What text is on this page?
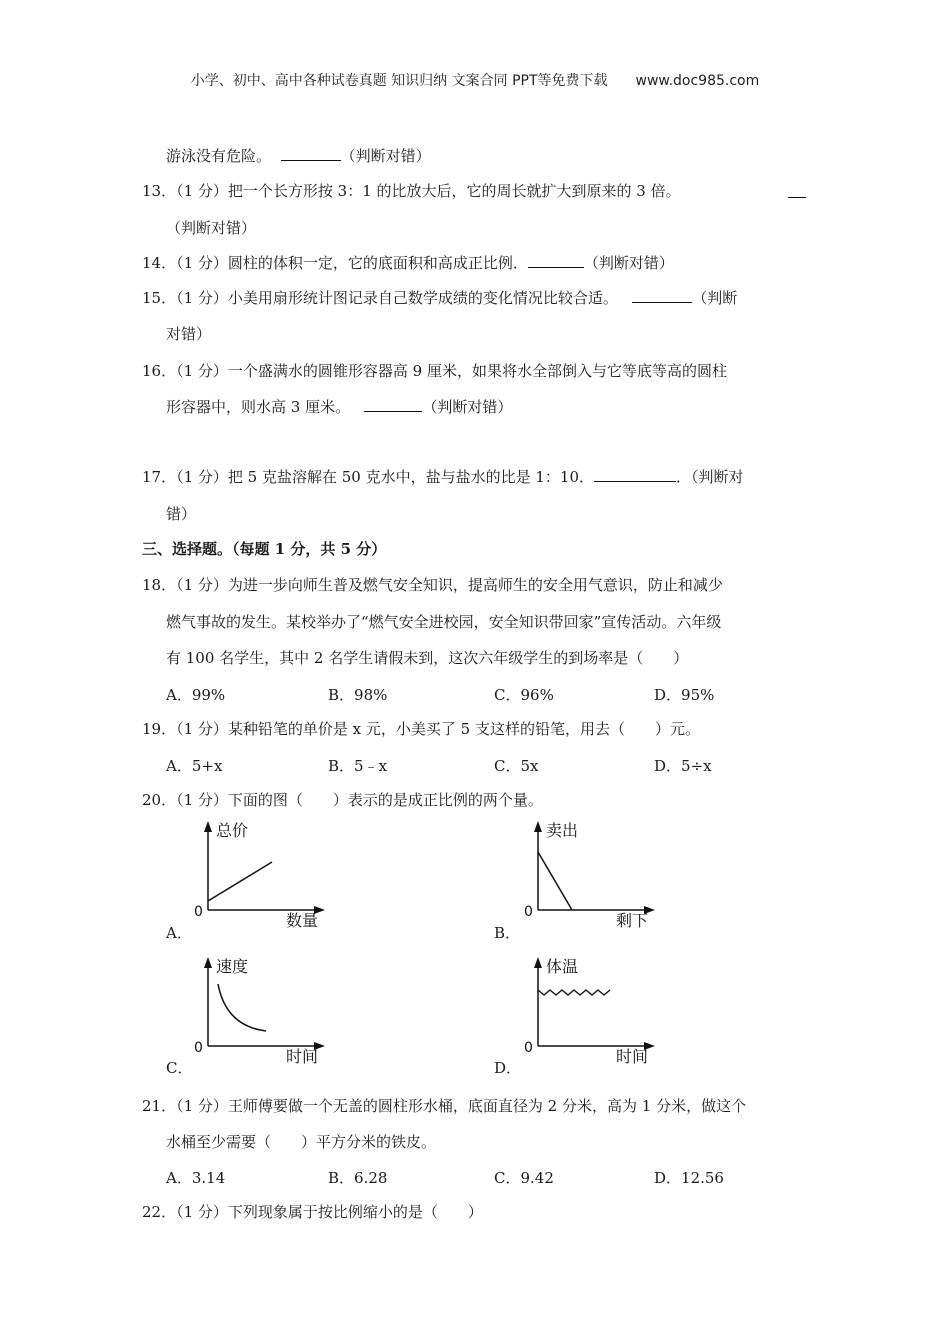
小学、初中、高中各种试卷真题 知识归纳 文案合同 PPT等免费下载 www.doc985.com
游泳没有危险。	（判断对错）
13．（1 分）把一个长方形按 3：1 的比放大后，它的周长就扩大到原来的 3 倍。
（判断对错）
14．（1 分）圆柱的体积一定，它的底面积和高成正比例．	（判断对错）
15．（1 分）小美用扇形统计图记录自己数学成绩的变化情况比较合适。	（判断
对错）
16．（1 分）一个盛满水的圆锥形容器高 9 厘米，如果将水全部倒入与它等底等高的圆柱
形容器中，则水高 3 厘米。	（判断对错）
17．（1 分）把 5 克盐溶解在 50 克水中，盐与盐水的比是 1：10．	．（判断对
错）
三、选择题。（每题 1 分，共 5 分）
18．（1 分）为进一步向师生普及燃气安全知识，提高师生的安全用气意识，防止和减少
燃气事故的发生。某校举办了“燃气安全进校园，安全知识带回家”宣传活动。六年级
有 100 名学生，其中 2 名学生请假未到，这次六年级学生的到场率是（　　）
A．99%	B．98%	C．96%	D．95%
19．（1 分）某种铅笔的单价是 x 元，小美买了 5 支这样的铅笔，用去（　　）元。
A．5+x	B．5﹣x	C．5x	D．5÷x
20．（1 分）下面的图（　　）表示的是成正比例的两个量。
总价
数量
0
A．
卖出
剩下
0
B．
速度
时间
0
C．
体温
时间
0
D．
21．（1 分）王师傅要做一个无盖的圆柱形水桶，底面直径为 2 分米，高为 1 分米，做这个
水桶至少需要（　　）平方分米的铁皮。
A．3.14	B．6.28	C．9.42	D．12.56
22．（1 分）下列现象属于按比例缩小的是（　　）
